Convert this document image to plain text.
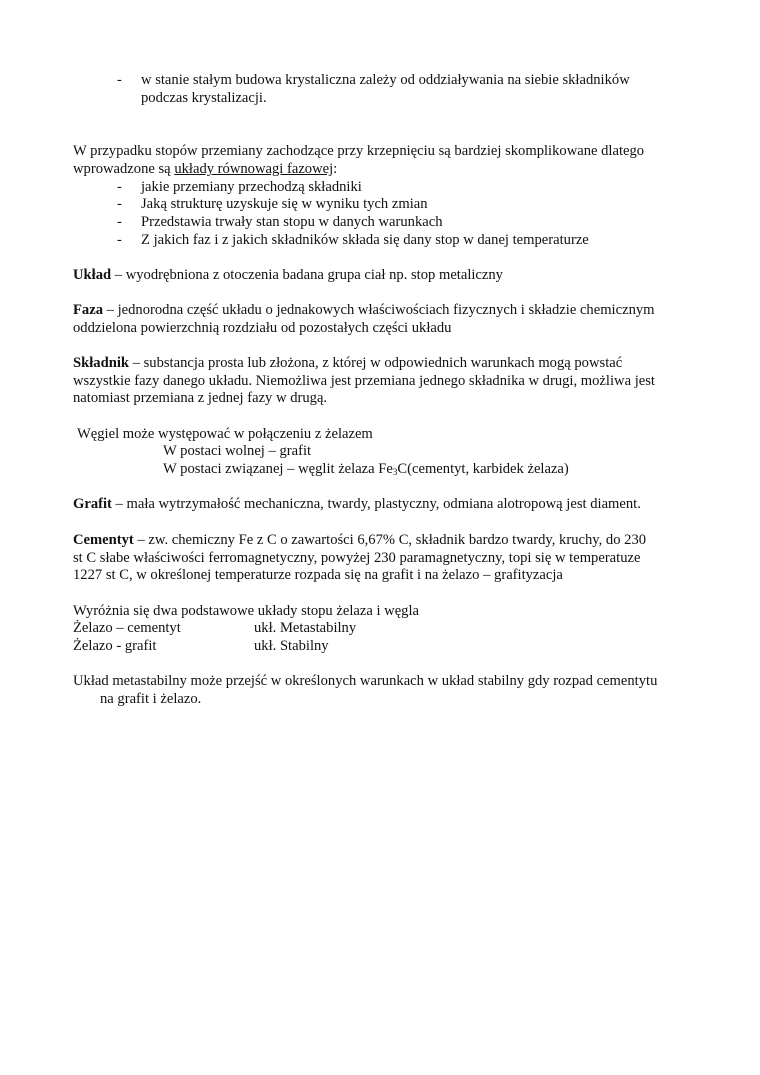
- w stanie stałym budowa krystaliczna zależy od oddziaływania na siebie składników
podczas krystalizacji.
W przypadku stopów przemiany zachodzące przy krzepnięciu są bardziej skomplikowane dlatego
wprowadzone są układy równowagi fazowej:
- jakie przemiany przechodzą składniki
- Jaką strukturę uzyskuje się w wyniku tych zmian
- Przedstawia trwały stan stopu w danych warunkach
- Z jakich faz i z jakich składników składa się dany stop w danej temperaturze
Układ – wyodrębniona z otoczenia badana grupa ciał np. stop metaliczny
Faza – jednorodna część układu o jednakowych właściwościach fizycznych i składzie chemicznym
oddzielona powierzchnią rozdziału od pozostałych części układu
Składnik – substancja prosta lub złożona, z której w odpowiednich warunkach mogą powstać
wszystkie fazy danego układu. Niemożliwa jest przemiana jednego składnika w drugi, możliwa jest
natomiast przemiana z jednej fazy w drugą.
Węgiel może występować w połączeniu z żelazem
W postaci wolnej – grafit
W postaci związanej – węglit żelaza $Fe_3C(cementyt$, karbidek żelaza)
Grafit – mała wytrzymałość mechaniczna, twardy, plastyczny, odmiana alotropową jest diament.
Cementyt – zw. chemiczny Fe z C o zawartości 6,67% C, składnik bardzo twardy, kruchy, do 230
st C słabe właściwości ferromagnetyczny, powyżej 230 paramagnetyczny, topi się w temperatuze
1227 st C, w określonej temperaturze rozpada się na grafit i na żelazo – grafityzacja
Wyróżnia się dwa podstawowe układy stopu żelaza i węgla
Żelazo – cementyt	ukł. Metastabilny
Żelazo - grafit	ukł. Stabilny
Układ metastabilny może przejść w określonych warunkach w układ stabilny gdy rozpad cementytu
na grafit i żelazo.
